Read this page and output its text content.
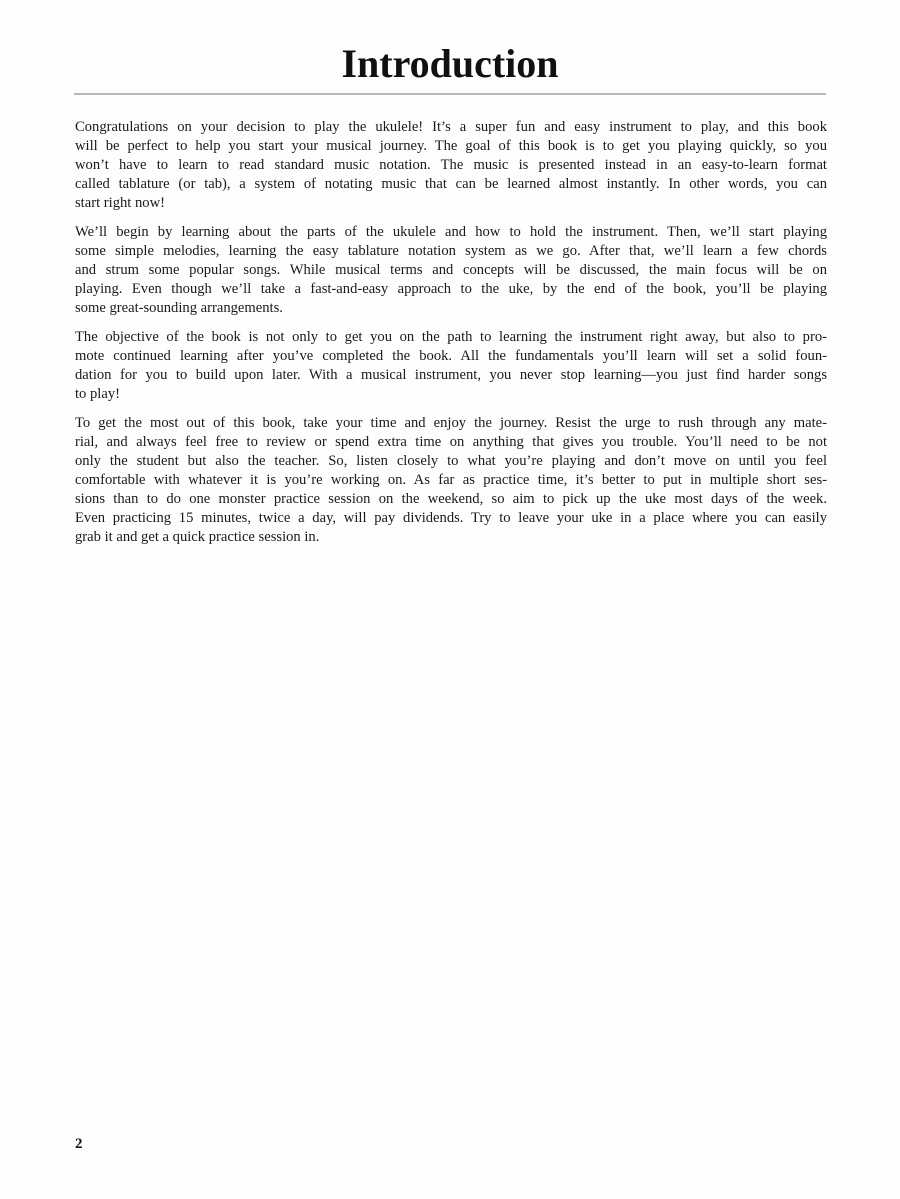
Introduction

Congratulations on your decision to play the ukulele! It’s a super fun and easy instrument to play, and this book
will be perfect to help you start your musical journey. The goal of this book is to get you playing quickly, so you
won’t have to learn to read standard music notation. The music is presented instead in an easy-to-learn format
called tablature (or tab), a system of notating music that can be learned almost instantly. In other words, you can
start right now!

We’ll begin by learning about the parts of the ukulele and how to hold the instrument. Then, we’ll start playing
some simple melodies, learning the easy tablature notation system as we go. After that, we’ll learn a few chords
and strum some popular songs. While musical terms and concepts will be discussed, the main focus will be on
playing. Even though we’ll take a fast-and-easy approach to the uke, by the end of the book, you’ll be playing
some great-sounding arrangements.

The objective of the book is not only to get you on the path to learning the instrument right away, but also to pro-
mote continued learning after you’ve completed the book. All the fundamentals you’ll learn will set a solid foun-
dation for you to build upon later. With a musical instrument, you never stop learning—you just find harder songs
to play!

To get the most out of this book, take your time and enjoy the journey. Resist the urge to rush through any mate-
rial, and always feel free to review or spend extra time on anything that gives you trouble. You’ll need to be not
only the student but also the teacher. So, listen closely to what you’re playing and don’t move on until you feel
comfortable with whatever it is you’re working on. As far as practice time, it’s better to put in multiple short ses-
sions than to do one monster practice session on the weekend, so aim to pick up the uke most days of the week.
Even practicing 15 minutes, twice a day, will pay dividends. Try to leave your uke in a place where you can easily
grab it and get a quick practice session in.

2
